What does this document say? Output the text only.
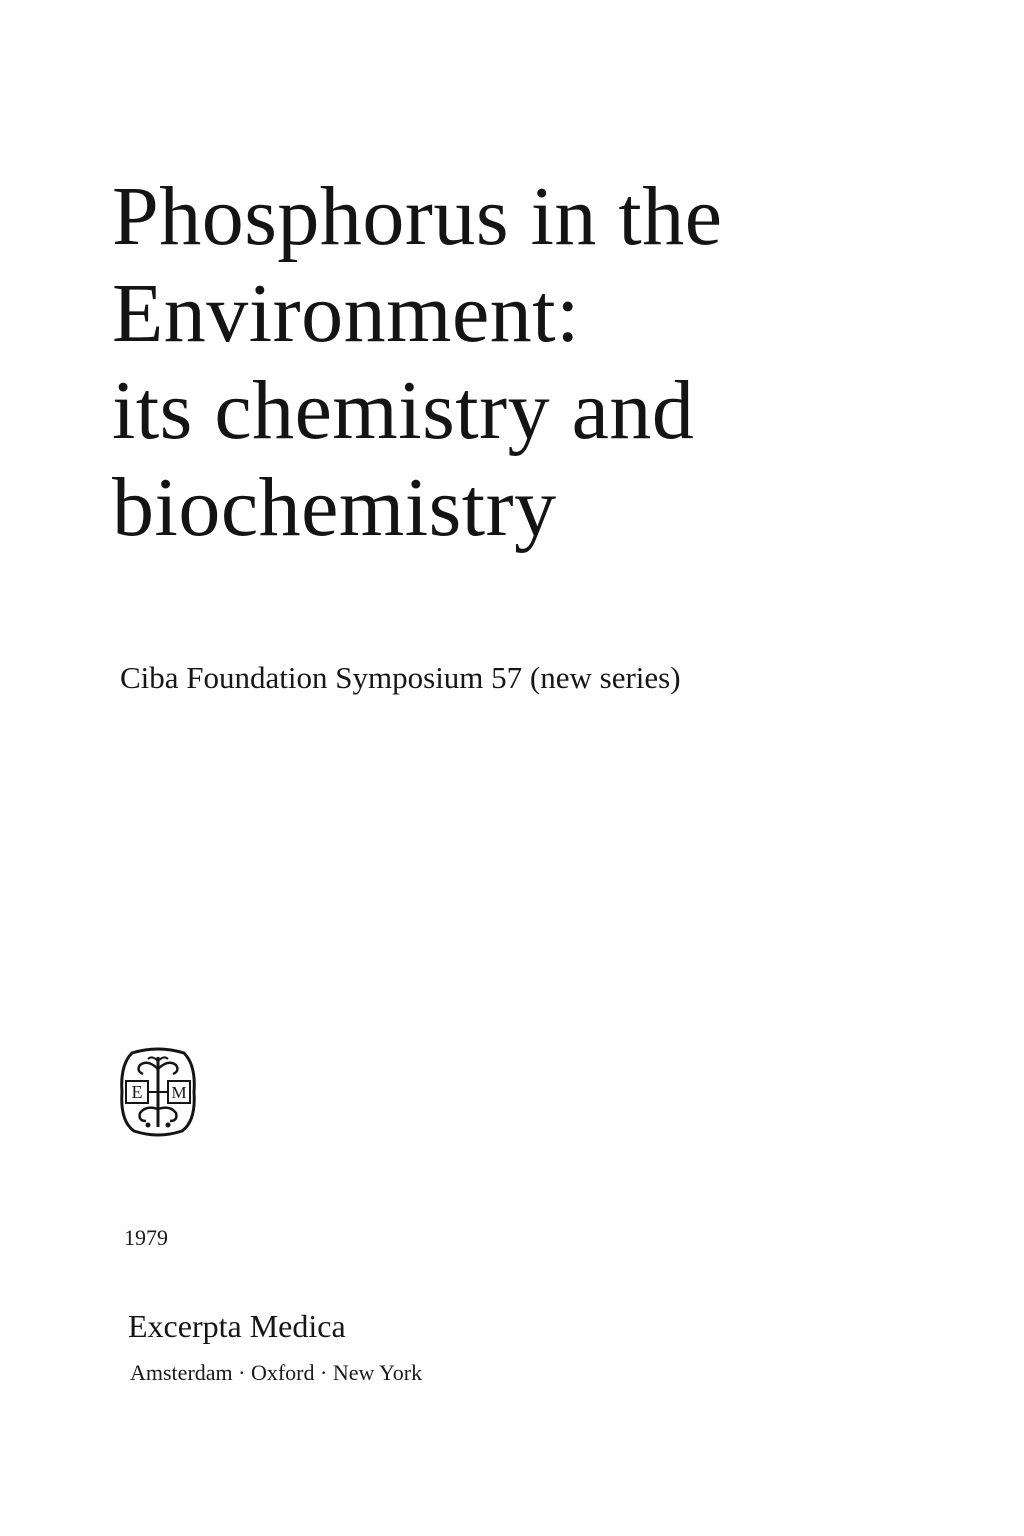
Phosphorus in the
Environment:
its chemistry and
biochemistry
Ciba Foundation Symposium 57 (new series)
E M
1979
Excerpta Medica
Amsterdam · Oxford · New York
